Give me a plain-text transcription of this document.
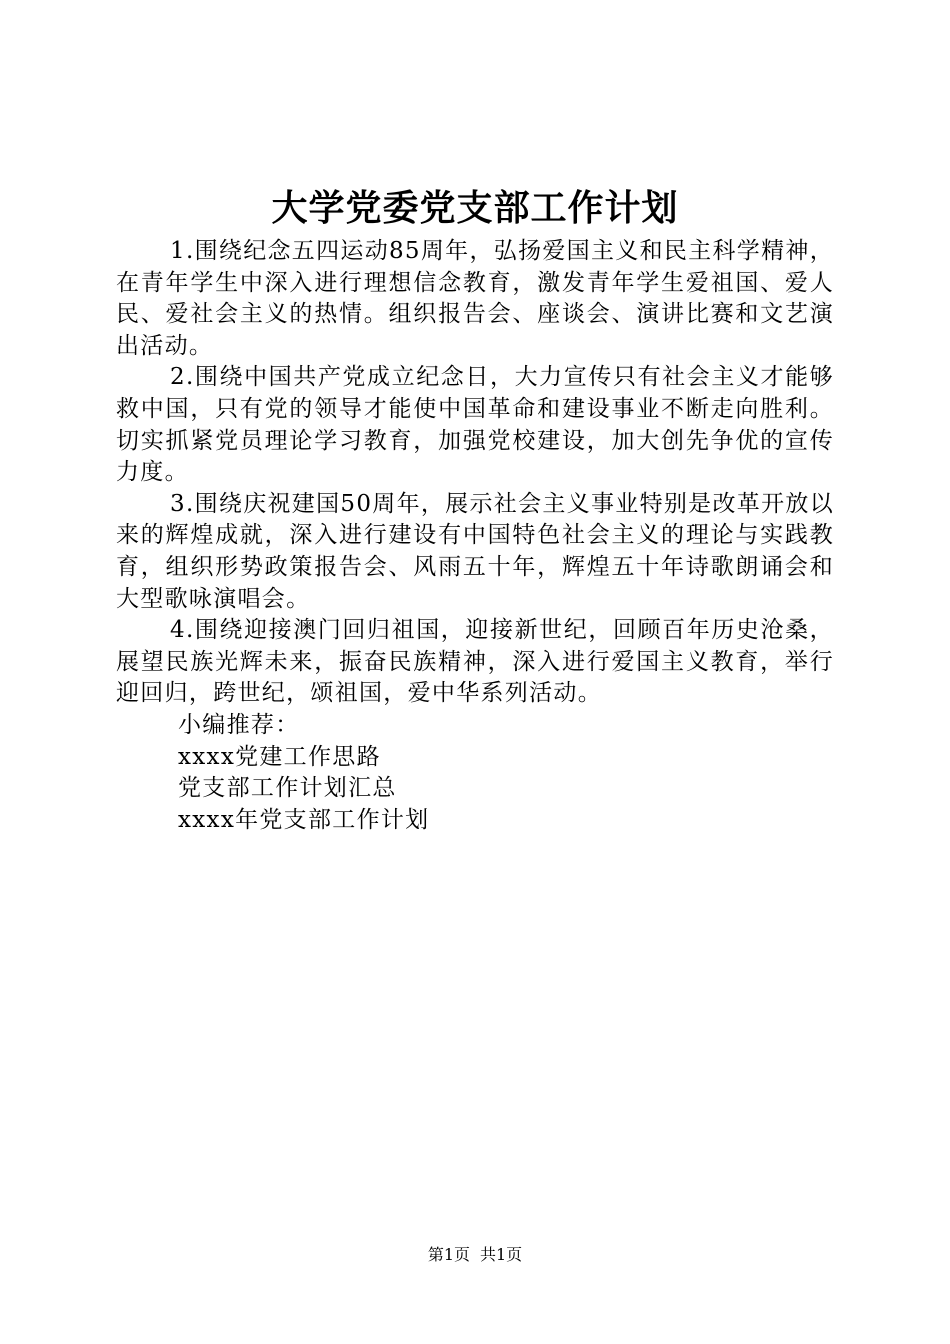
大学党委党支部工作计划

1.围绕纪念五四运动85周年，弘扬爱国主义和民主科学精神，在青年学生中深入进行理想信念教育，激发青年学生爱祖国、爱人民、爱社会主义的热情。组织报告会、座谈会、演讲比赛和文艺演出活动。

2.围绕中国共产党成立纪念日，大力宣传只有社会主义才能够救中国，只有党的领导才能使中国革命和建设事业不断走向胜利。切实抓紧党员理论学习教育，加强党校建设，加大创先争优的宣传力度。

3.围绕庆祝建国50周年，展示社会主义事业特别是改革开放以来的辉煌成就，深入进行建设有中国特色社会主义的理论与实践教育，组织形势政策报告会、风雨五十年，辉煌五十年诗歌朗诵会和大型歌咏演唱会。

4.围绕迎接澳门回归祖国，迎接新世纪，回顾百年历史沧桑，展望民族光辉未来，振奋民族精神，深入进行爱国主义教育，举行迎回归，跨世纪，颂祖国，爱中华系列活动。

小编推荐：
xxxx党建工作思路
党支部工作计划汇总
xxxx年党支部工作计划
第1页 共1页
